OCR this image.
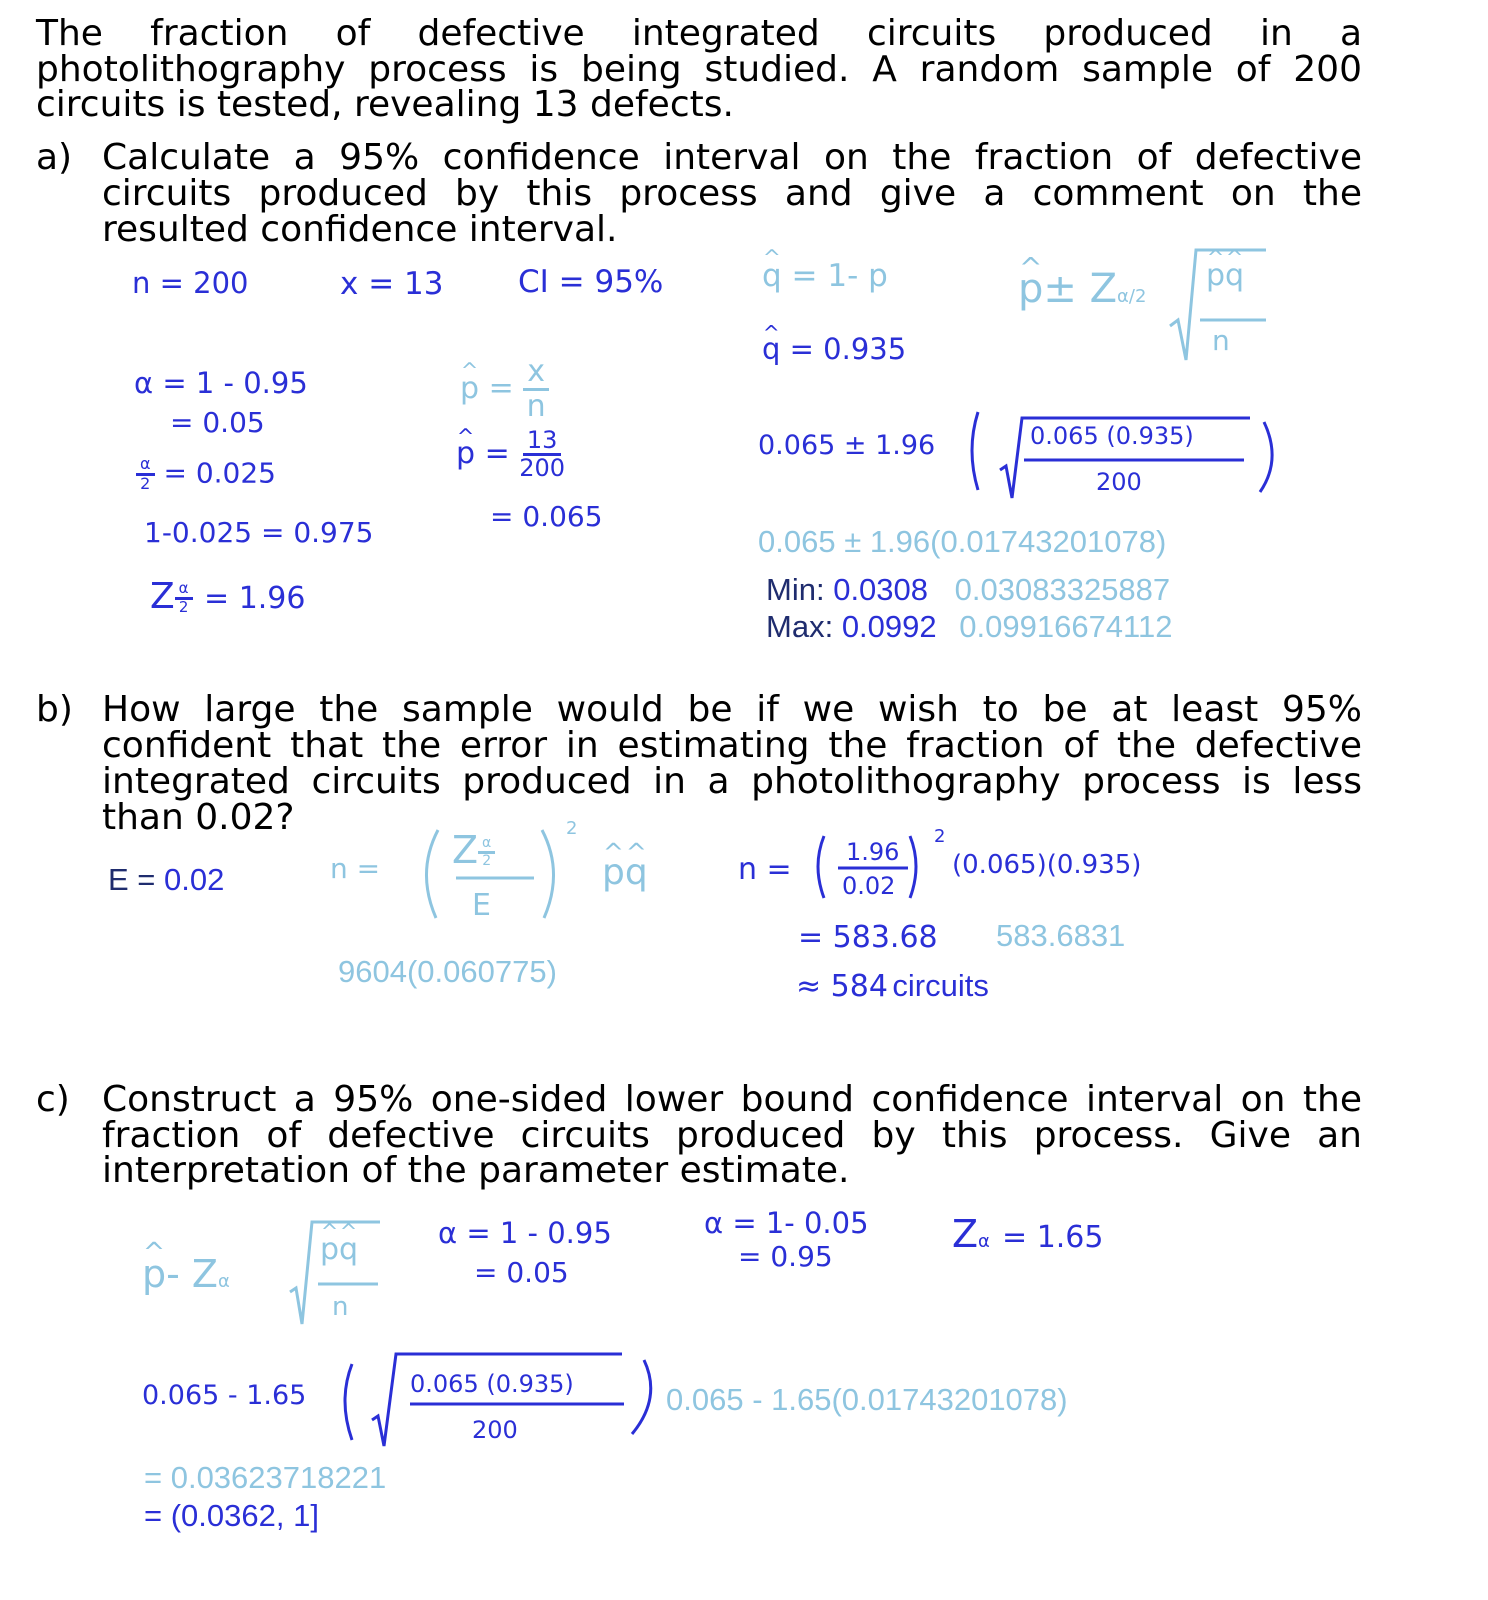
The fraction of defective integrated circuits produced in a
photolithography process is being studied. A random sample of 200
circuits is tested, revealing 13 defects.
a) Calculate a 95% confidence interval on the fraction of defective
circuits produced by this process and give a comment on the
resulted confidence interval.
n = 200	x = 13 CI = 95%
^	q = 1- p
^ q = 0.935
^ p± Zα/2
^ p^ q
n
α = 1 - 0.95
= 0.05
$\frac{\alpha}{2} = 0.025$
1-0.025 = 0.975
Z $\frac{\alpha}{2} = 1.96$
^ $p = \frac{x}{n}$
^ $p = \frac{13}{200}$
= 0.065
0.065 ± 1.96	0.065 (0.935)
200
0.065 ± 1.96(0.01743201078)
Min: 0.0308 0.03083325887
Max: 0.0992 0.09916674112
b) How large the sample would be if we wish to be at least 95%
confident that the error in estimating the fraction of the defective
integrated circuits produced in a photolithography process is less
than 0.02?
E = 0.02	n = Z $\frac{\alpha}{2}$
E
2
^ p^ q
9604(0.060775)
n = 1.96
0.02
2
(0.065)(0.935)
= 583.68 583.6831
≈ 584 circuits
c) Construct a 95% one-sided lower bound confidence interval on the
fraction of defective circuits produced by this process. Give an
interpretation of the parameter estimate.
^ p- Zα
^ p^ q
n
α = 1 - 0.95
= 0.05
α = 1- 0.05
= 0.95
Zα = 1.65
0.065 - 1.65	0.065 (0.935)
200
0.065 - 1.65(0.01743201078)
= 0.03623718221
= (0.0362, 1]
